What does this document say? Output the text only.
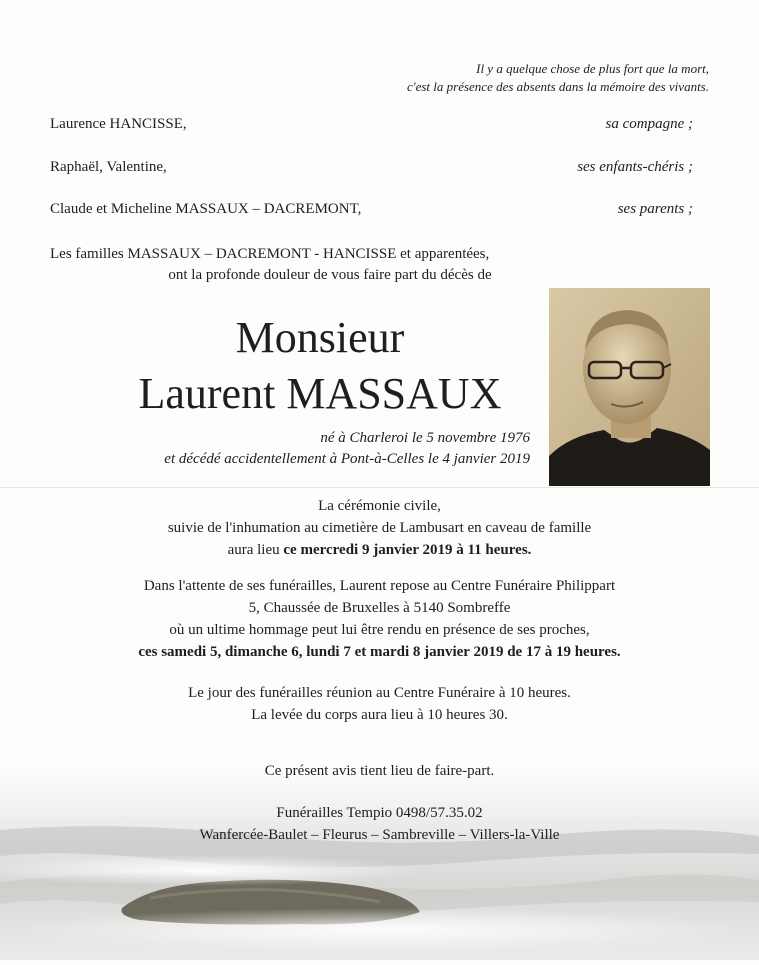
Il y a quelque chose de plus fort que la mort,
c'est la présence des absents dans la mémoire des vivants.
Laurence HANCISSE,	sa compagne ;
Raphaël, Valentine,	ses enfants-chéris ;
Claude et Micheline MASSAUX – DACREMONT,	ses parents ;
Les familles MASSAUX – DACREMONT - HANCISSE et apparentées,
ont la profonde douleur de vous faire part du décès de
Monsieur
Laurent MASSAUX
né à Charleroi le 5 novembre 1976
et décédé accidentellement à Pont-à-Celles le 4 janvier 2019
La cérémonie civile,
suivie de l'inhumation au cimetière de Lambusart en caveau de famille
aura lieu ce mercredi 9 janvier 2019 à 11 heures.
Dans l'attente de ses funérailles, Laurent repose au Centre Funéraire Philippart
5, Chaussée de Bruxelles à 5140 Sombreffe
où un ultime hommage peut lui être rendu en présence de ses proches,
ces samedi 5, dimanche 6, lundi 7 et mardi 8 janvier 2019 de 17 à 19 heures.
Le jour des funérailles réunion au Centre Funéraire à 10 heures.
La levée du corps aura lieu à 10 heures 30.
Ce présent avis tient lieu de faire-part.
Funérailles Tempio 0498/57.35.02
Wanfercée-Baulet – Fleurus – Sambreville – Villers-la-Ville
